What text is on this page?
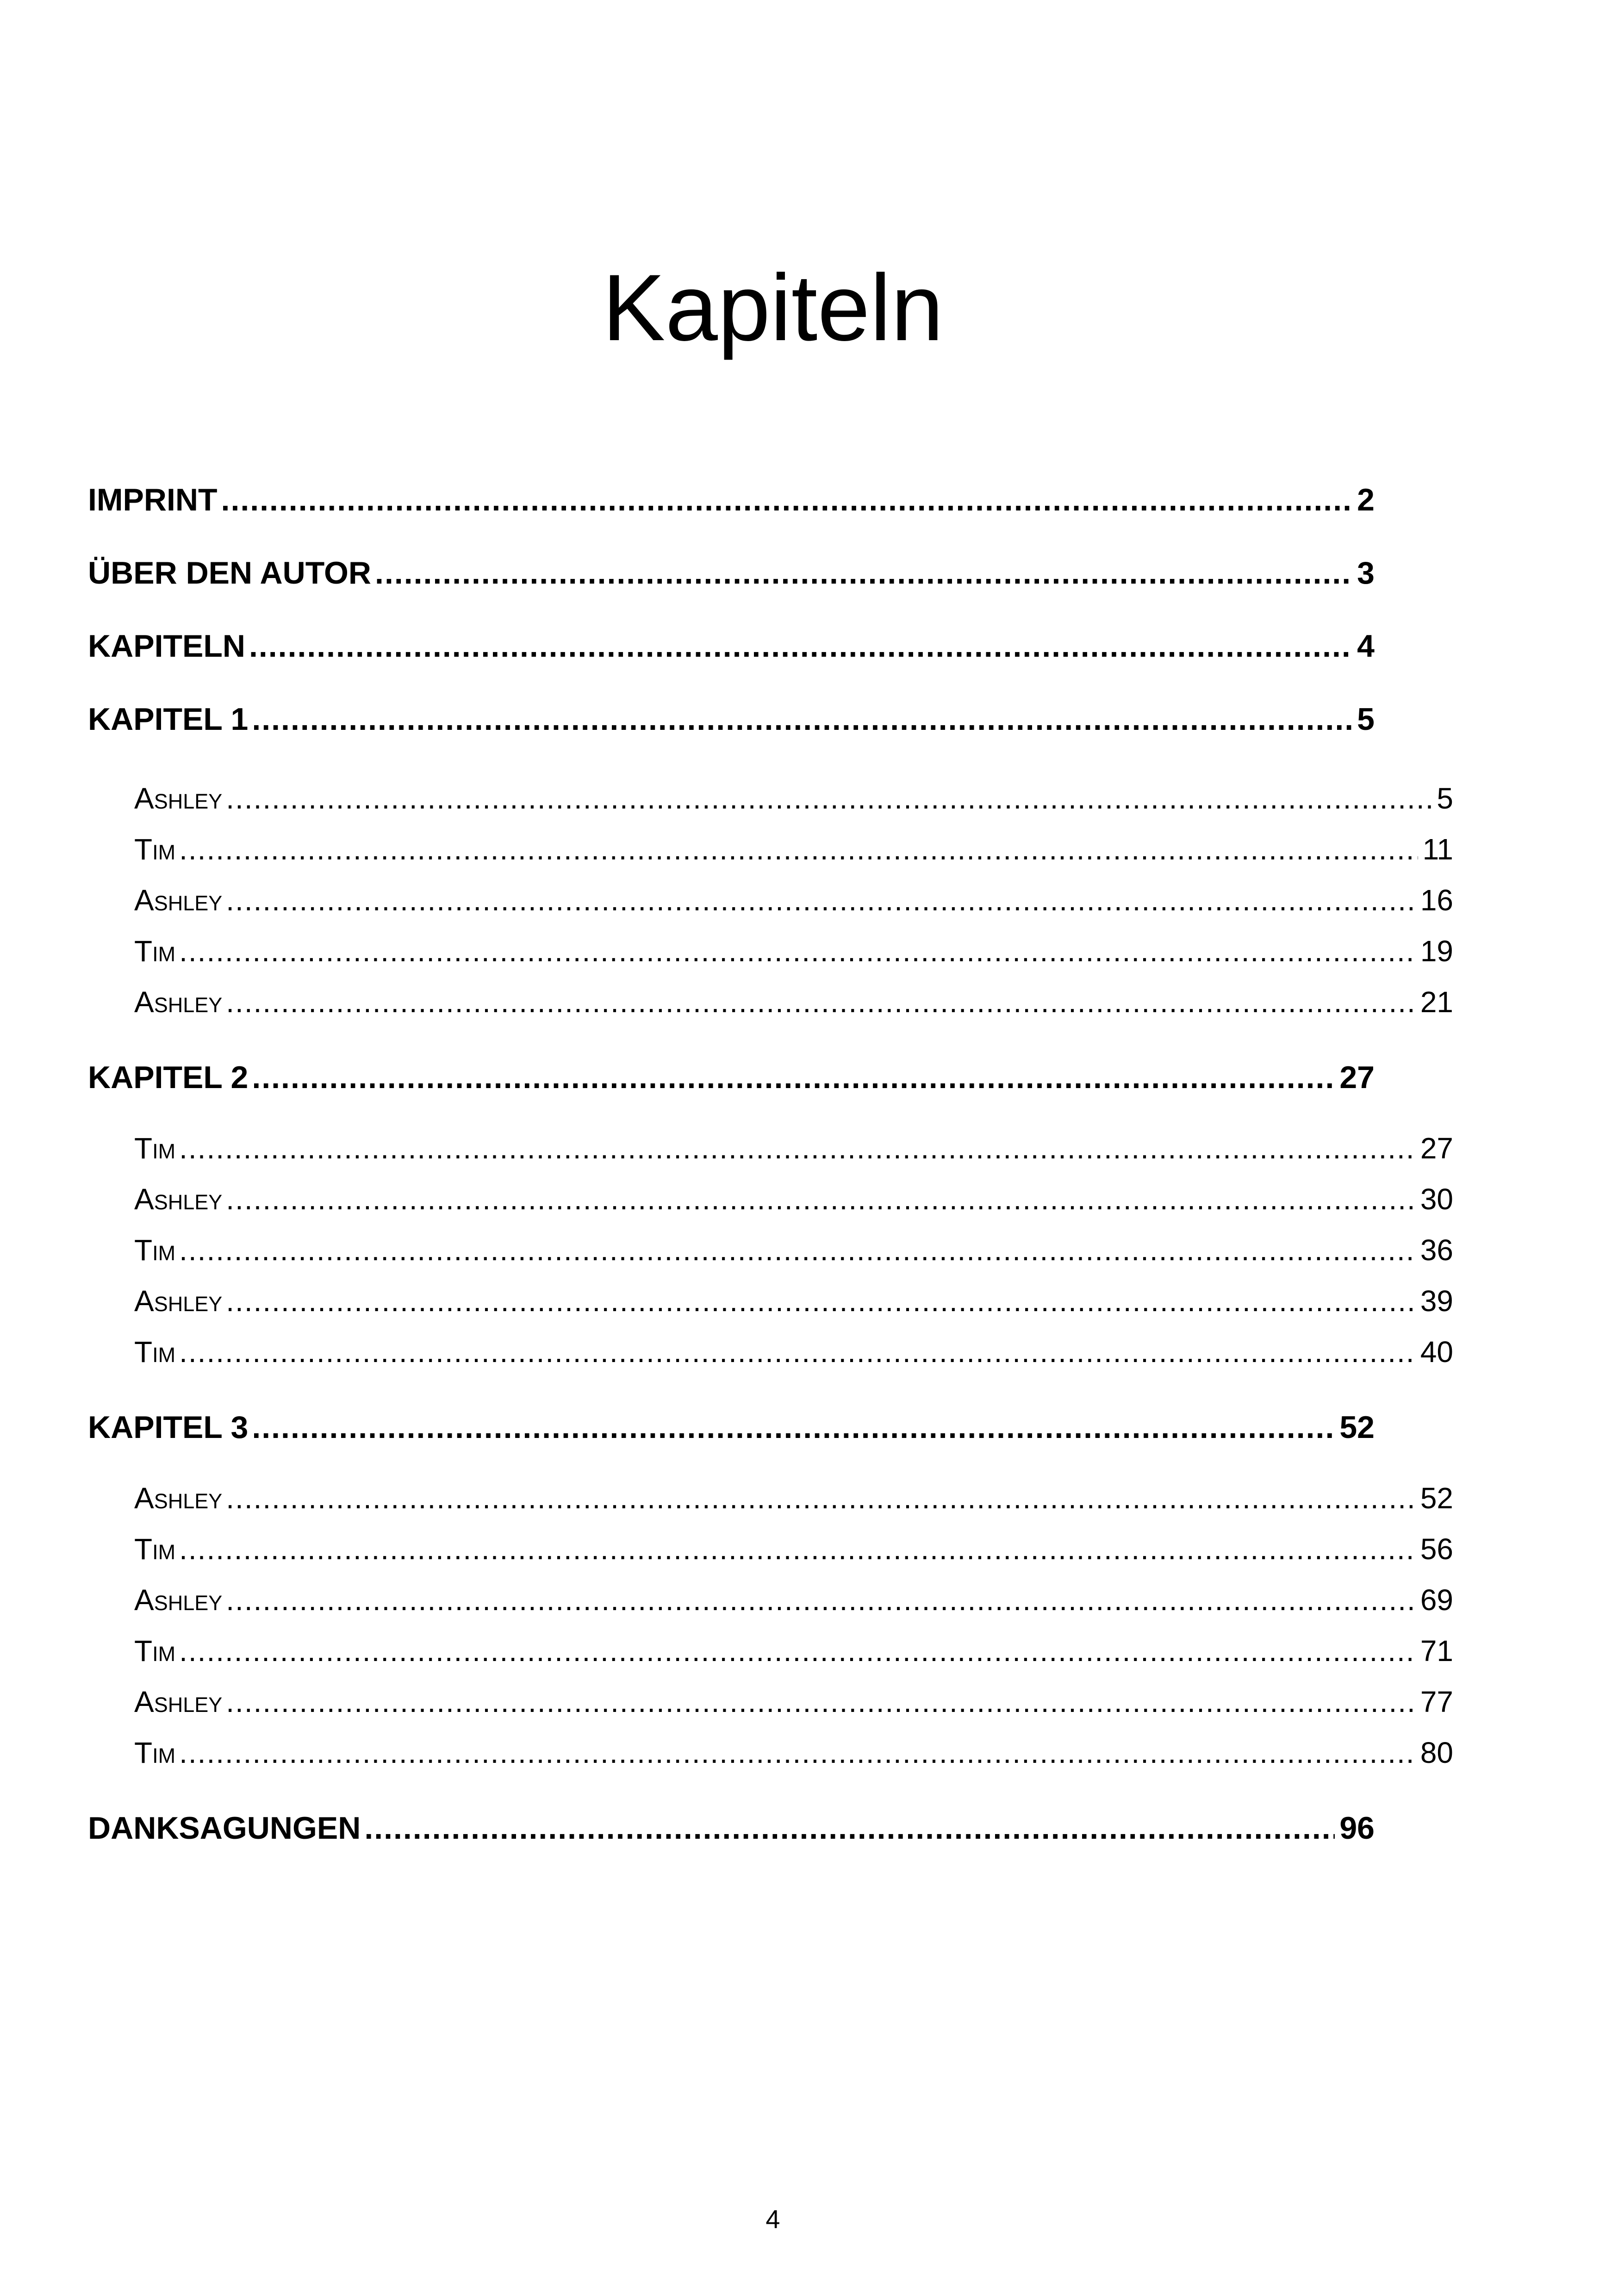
Kapiteln
IMPRINT .....	2
ÜBER DEN AUTOR .....	3
KAPITELN .....	4
KAPITEL 1 .....	5
Ashley .....	5
Tim .....	11
Ashley .....	16
Tim .....	19
Ashley .....	21
KAPITEL 2 .....	27
Tim .....	27
Ashley .....	30
Tim .....	36
Ashley .....	39
Tim .....	40
KAPITEL 3 .....	52
Ashley .....	52
Tim .....	56
Ashley .....	69
Tim .....	71
Ashley .....	77
Tim .....	80
DANKSAGUNGEN .....	96
4
